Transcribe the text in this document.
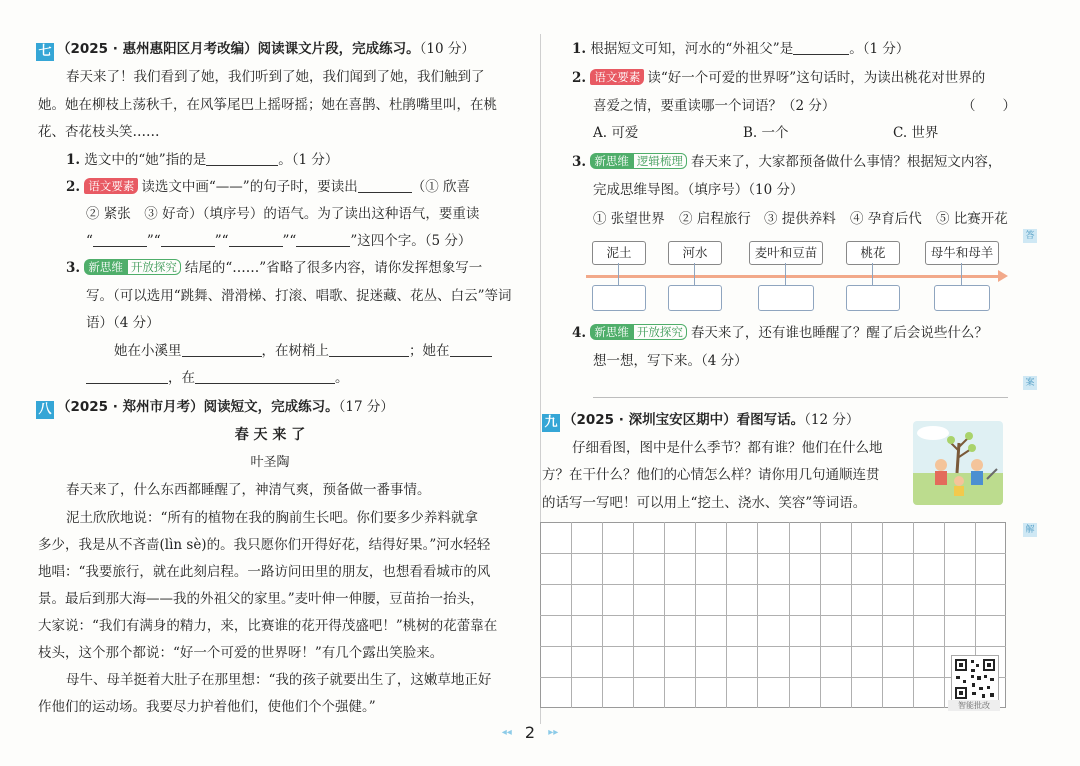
七 （2025 · 惠州惠阳区月考改编）阅读课文片段，完成练习。（10 分）
春天来了！我们看到了她，我们听到了她，我们闻到了她，我们触到了
她。她在柳枝上荡秋千，在风筝尾巴上摇呀摇；她在喜鹊、杜鹃嘴里叫，在桃
花、杏花枝头笑……
1. 选文中的“她”指的是	。（1 分）
2. 语文要素 读选文中画“——”的句子时，要读出	（① 欣喜
② 紧张　③ 好奇）（填序号）的语气。为了读出这种语气，要重读
“	”“	”“	”“	”这四个字。（5 分）
3. 新思维 开放探究 结尾的“……”省略了很多内容，请你发挥想象写一
写。（可以选用“跳舞、滑滑梯、打滚、唱歌、捉迷藏、花丛、白云”等词
语）（4 分）
她在小溪里	，在树梢上	；她在
，在	。
八 （2025 · 郑州市月考）阅读短文，完成练习。（17 分）
春 天 来 了
叶圣陶
春天来了，什么东西都睡醒了，神清气爽，预备做一番事情。
泥土欣欣地说：“所有的植物在我的胸前生长吧。你们要多少养料就拿
多少，我是从不吝啬(lìn sè)的。我只愿你们开得好花，结得好果。”河水轻轻
地唱：“我要旅行，就在此刻启程。一路访问田里的朋友，也想看看城市的风
景。最后到那大海——我的外祖父的家里。”麦叶伸一伸腰，豆苗抬一抬头，
大家说：“我们有满身的精力，来，比赛谁的花开得茂盛吧！”桃树的花蕾靠在
枝头，这个那个都说：“好一个可爱的世界呀！”有几个露出笑脸来。
母牛、母羊挺着大肚子在那里想：“我的孩子就要出生了，这嫩草地正好
作他们的运动场。我要尽力护着他们，使他们个个强健。”
1. 根据短文可知，河水的“外祖父”是	。（1 分）
2. 语文要素 读“好一个可爱的世界呀”这句话时，为读出桃花对世界的
喜爱之情，要重读哪一个词语？（2 分）	（　　）
A. 可爱	B. 一个	C. 世界
3. 新思维 逻辑梳理 春天来了，大家都预备做什么事情？根据短文内容，
完成思维导图。（填序号）（10 分）
① 张望世界 ② 启程旅行 ③ 提供养料 ④ 孕育后代 ⑤ 比赛开花
泥土	河水	麦叶和豆苗	桃花	母牛和母羊
4. 新思维 开放探究 春天来了，还有谁也睡醒了？醒了后会说些什么？
想一想，写下来。（4 分）
九 （2025 · 深圳宝安区期中）看图写话。（12 分）
仔细看图，图中是什么季节？都有谁？他们在什么地
方？在干什么？他们的心情怎么样？请你用几句通顺连贯
的话写一写吧！可以用上“挖土、浇水、笑容”等词语。
智能批改
答
案
解
◂◂ 2 ▸▸
